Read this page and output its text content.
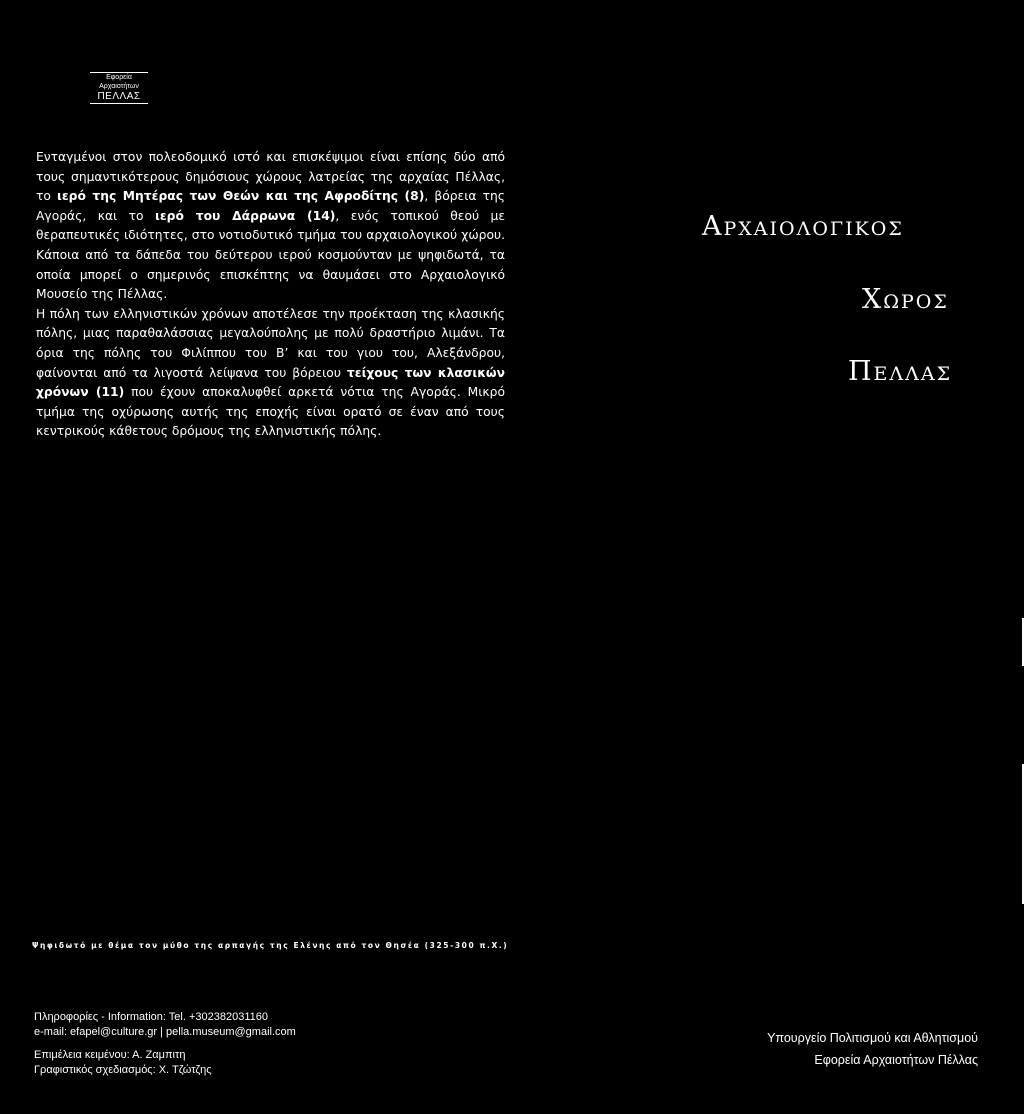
Εφορεία
Αρχαιοτήτων
ΠΕΛΛΑΣ

Ενταγμένοι στον πολεοδομικό ιστό και επισκέψιμοι είναι επίσης δύο από τους σημαντικότερους δημόσιους χώρους λατρείας της αρχαίας Πέλλας, το ιερό της Μητέρας των Θεών και της Αφροδίτης (8), βόρεια της Αγοράς, και το ιερό του Δάρρωνα (14), ενός τοπικού θεού με θεραπευτικές ιδιότητες, στο νοτιοδυτικό τμήμα του αρχαιολογικού χώρου. Κάποια από τα δάπεδα του δεύτερου ιερού κοσμούνταν με ψηφιδωτά, τα οποία μπορεί ο σημερινός επισκέπτης να θαυμάσει στο Αρχαιολογικό Μουσείο της Πέλλας.
Η πόλη των ελληνιστικών χρόνων αποτέλεσε την προέκταση της κλασικής πόλης, μιας παραθαλάσσιας μεγαλούπολης με πολύ δραστήριο λιμάνι. Τα όρια της πόλης του Φιλίππου του Β’ και του γιου του, Αλεξάνδρου, φαίνονται από τα λιγοστά λείψανα του βόρειου τείχους των κλασικών χρόνων (11) που έχουν αποκαλυφθεί αρκετά νότια της Αγοράς. Μικρό τμήμα της οχύρωσης αυτής της εποχής είναι ορατό σε έναν από τους κεντρικούς κάθετους δρόμους της ελληνιστικής πόλης.

Αρχαιολογικος
Χωρος
Πελλας
Ψηφιδωτό με θέμα τον μύθο της αρπαγής της Ελένης από τον Θησέα (325-300 π.Χ.)
Πληροφορίες - Information: Tel. +302382031160
e-mail: efapel@culture.gr | pella.museum@gmail.com
Επιμέλεια κειμένου: Α. Ζαμπιτη
Γραφιστικός σχεδιασμός: Χ. Τζώτζης
Υπουργείο Πολιτισμού και Αθλητισμού
Εφορεία Αρχαιοτήτων Πέλλας
